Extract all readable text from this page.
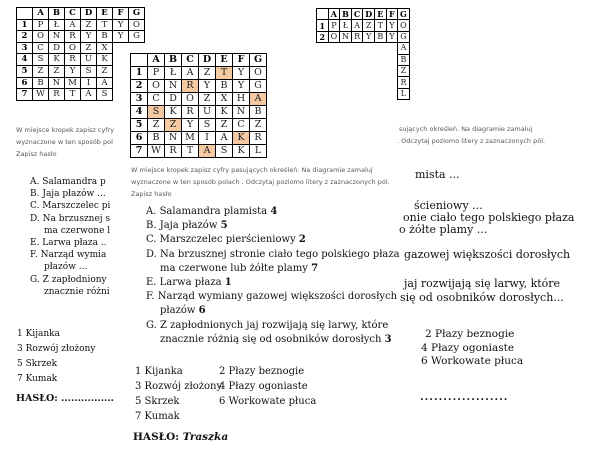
	A	B	C	D	E	F	G
1	P	Ł	A	Z	T	Y	O
2	O	N	R	Y	B	Y	G
3	C	D	O	Z	X		
4	S	K	R	U	K		
5	Z	Z	Y	S	Z		
6	B	N	M	I	A		
7	W	R	T	A	S		
W miejsce kropek zapisz cyfry
wyznaczone w ten sposób pol
Zapisz hasło
A. Salamandra p
B. Jaja płazów ...
C. Marszczelec pi
D. Na brzusznej s
ma czerwone l
E. Larwa płaza ..
F. Narząd wymia
płazów ...
G. Z zapłodniony
znacznie różni
1 Kijanka
3 Rozwój złożony
5 Skrzek
7 Kumak
HASŁO: ................
	A	B	C	D	E	F	G
1	P	Ł	A	Z	T	Y	O
2	O	N	R	Y	B	Y	G
3	C	D	O	Z	X	H	A
4	S	K	R	U	K	N	B
5	Z	Z	Y	S	Z	C	Z
6	B	N	M	I	A	K	R
7	W	R	T	A	S	K	L
W miejsce kropek zapisz cyfry pasujących określeń. Na diagramie zamaluj
wyznaczone w ten sposób polach . Odczytaj poziomo litery z zaznaczonych pól.
Zapisz hasło
A. Salamandra plamista 4
B. Jaja płazów 5
C. Marszczelec pierścieniowy 2
D. Na brzusznej stronie ciało tego polskiego płaza
ma czerwone lub żółte plamy 7
E. Larwa płaza 1
F. Narząd wymiany gazowej większości dorosłych
płazów 6
G. Z zapłodnionych jaj rozwijają się larwy, które
znacznie różnią się od osobników dorosłych 3
1 Kijanka
3 Rozwój złożony
5 Skrzek
7 Kumak
2 Płazy beznogie
4 Płazy ogoniaste
6 Workowate płuca
HASŁO: Traszka
	A	B	C	D	E	F	G
1	P	Ł	A	Z	T	Y	O
2	O	N	R	Y	B	Y	G
							A
							B
							Z
							R
							L
sujących określeń. Na diagramie zamaluj
. Odczytaj poziomo litery z zaznaczonych pól.
mista ...
ścieniowy ...
onie ciało tego polskiego płaza
o żółte plamy ...
gazowej większości dorosłych
jaj rozwijają się larwy, które
się od osobników dorosłych...
2 Płazy beznogie
4 Płazy ogoniaste
6 Workowate płuca
...................
